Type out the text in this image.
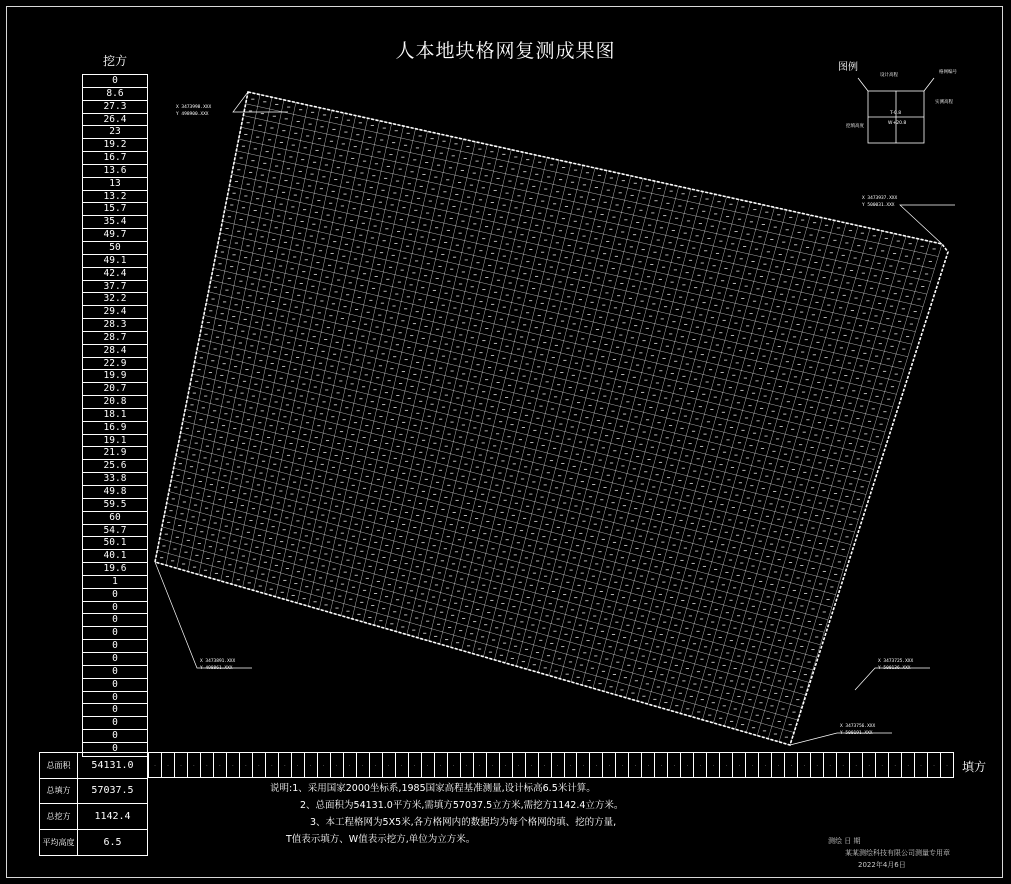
人本地块格网复测成果图
挖方
0
8.6
27.3
26.4
23
19.2
16.7
13.6
13
13.2
15.7
35.4
49.7
50
49.1
42.4
37.7
32.2
29.4
28.3
28.7
28.4
22.9
19.9
20.7
20.8
18.1
16.9
19.1
21.9
25.6
33.8
49.8
59.5
60
54.7
50.1
40.1
19.6
1
0
0
0
0
0
0
0
0
0
0
0
0
0
总面积	54131.0
总填方	57037.5
总挖方	1142.4
平均高度	6.5
·	·	·	·	·	·	·	·	·	·	·	·	·	·	·	·	·	·	·	·	·	·	·	·	·	·	·	·	·	·	·	·	·	·	·	·	·	·	·	·	·	·	·	·	·	·	·	·	·	·	·	·	·	·	·	·	·	·	·	·	·	·	填方
说明:1、采用国家2000坐标系,1985国家高程基准测量,设计标高6.5米计算。
2、总面积为54131.0平方米,需填方57037.5立方米,需挖方1142.4立方米。
3、本工程格网为5X5米,各方格网内的数据均为每个格网的填、挖的方量,
T值表示填方、W值表示挖方,单位为立方米。
图例
测绘 日 期
某某测绘科技有限公司测量专用章
2022年4月6日
设计高程
格网编号
实测高程
挖填高度
T-0.8
W+20.8
X 3473998.XXX
Y 498900.XXX
X 3473937.XXX
Y 500031.XXX
X 3473725.XXX
Y 500136.XXX
X 3473756.XXX
Y 500191.XXX
X 3473891.XXX
Y 498861.XXX
